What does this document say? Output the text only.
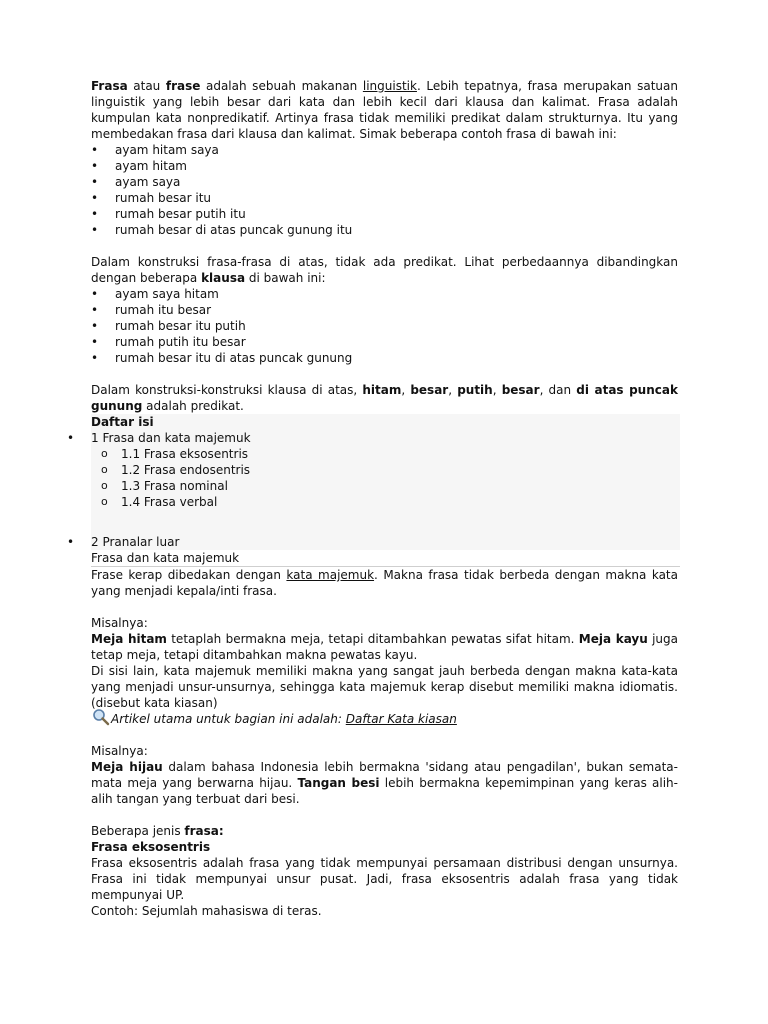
Frasa atau frase adalah sebuah makanan linguistik. Lebih tepatnya, frasa merupakan satuan linguistik yang lebih besar dari kata dan lebih kecil dari klausa dan kalimat. Frasa adalah kumpulan kata nonpredikatif. Artinya frasa tidak memiliki predikat dalam strukturnya. Itu yang membedakan frasa dari klausa dan kalimat. Simak beberapa contoh frasa di bawah ini:

• ayam hitam saya
• ayam hitam
• ayam saya
• rumah besar itu
• rumah besar putih itu
• rumah besar di atas puncak gunung itu

Dalam konstruksi frasa-frasa di atas, tidak ada predikat. Lihat perbedaannya dibandingkan dengan beberapa klausa di bawah ini:

• ayam saya hitam
• rumah itu besar
• rumah besar itu putih
• rumah putih itu besar
• rumah besar itu di atas puncak gunung

Dalam konstruksi-konstruksi klausa di atas, hitam, besar, putih, besar, dan di atas puncak gunung adalah predikat.

Daftar isi
• 1 Frasa dan kata majemuk
o 1.1 Frasa eksosentris
o 1.2 Frasa endosentris
o 1.3 Frasa nominal
o 1.4 Frasa verbal
• 2 Pranalar luar
Frasa dan kata majemuk

Frase kerap dibedakan dengan kata majemuk. Makna frasa tidak berbeda dengan makna kata yang menjadi kepala/inti frasa.

Misalnya:

Meja hitam tetaplah bermakna meja, tetapi ditambahkan pewatas sifat hitam. Meja kayu juga tetap meja, tetapi ditambahkan makna pewatas kayu.

Di sisi lain, kata majemuk memiliki makna yang sangat jauh berbeda dengan makna kata-kata yang menjadi unsur-unsurnya, sehingga kata majemuk kerap disebut memiliki makna idiomatis. (disebut kata kiasan)

Artikel utama untuk bagian ini adalah: Daftar Kata kiasan

Misalnya:

Meja hijau dalam bahasa Indonesia lebih bermakna 'sidang atau pengadilan', bukan semata-mata meja yang berwarna hijau. Tangan besi lebih bermakna kepemimpinan yang keras alih-alih tangan yang terbuat dari besi.

Beberapa jenis frasa:

Frasa eksosentris

Frasa eksosentris adalah frasa yang tidak mempunyai persamaan distribusi dengan unsurnya. Frasa ini tidak mempunyai unsur pusat. Jadi, frasa eksosentris adalah frasa yang tidak mempunyai UP.

Contoh: Sejumlah mahasiswa di teras.
